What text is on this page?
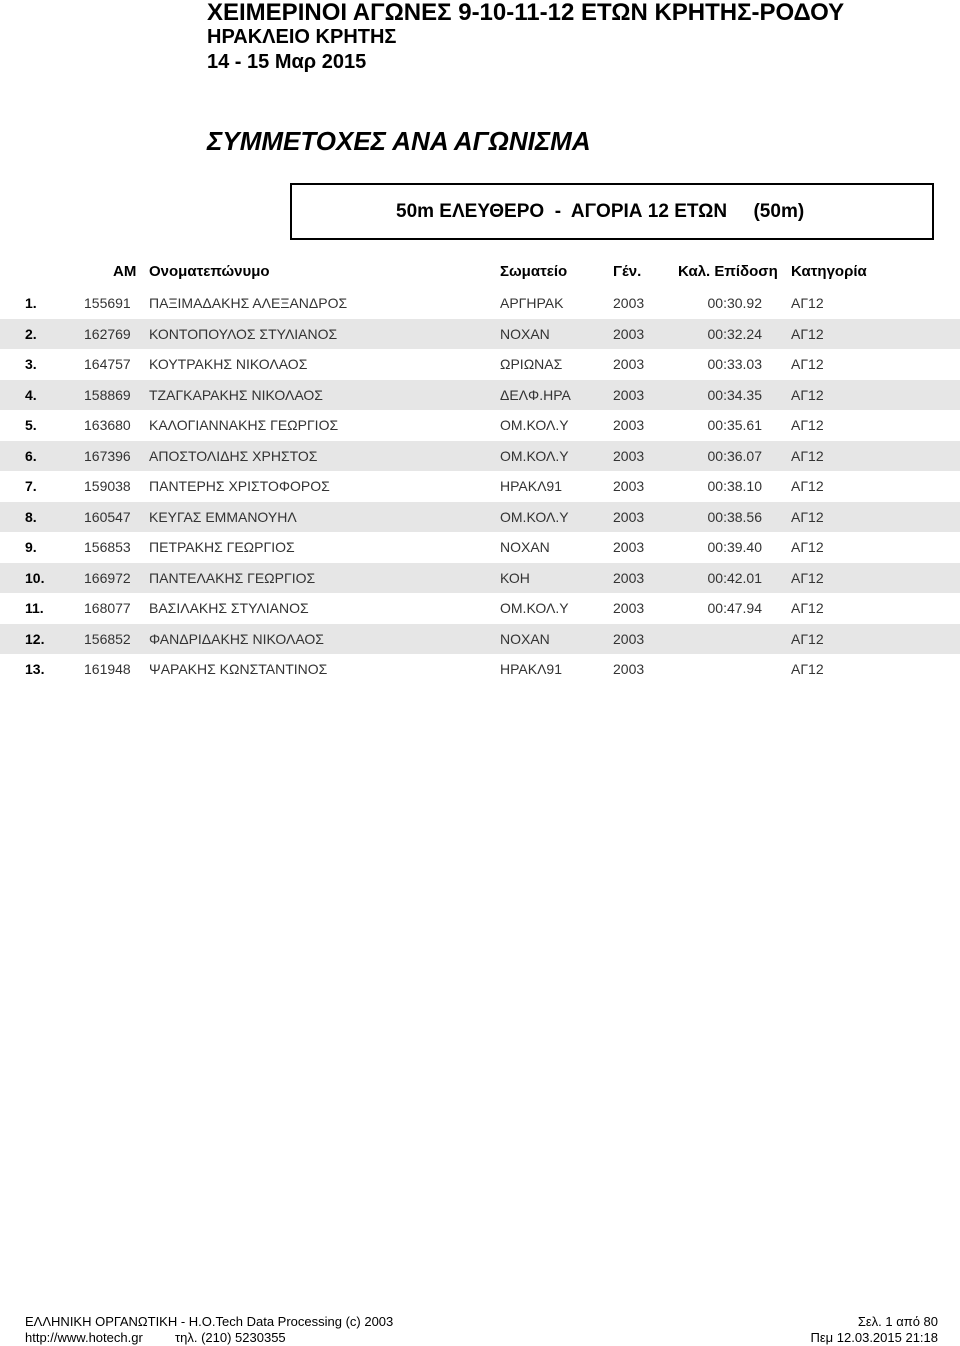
ΧΕΙΜΕΡΙΝΟΙ ΑΓΩΝΕΣ 9-10-11-12 ΕΤΩΝ ΚΡΗΤΗΣ-ΡΟΔΟΥ
ΗΡΑΚΛΕΙΟ ΚΡΗΤΗΣ
14 - 15 Μαρ 2015
ΣΥΜΜΕΤΟΧΕΣ ΑΝΑ ΑΓΩΝΙΣΜΑ
50m ΕΛΕΥΘΕΡΟ  -  ΑΓΟΡΙΑ 12 ΕΤΩΝ     (50m)
ΑΜ Ονοματεπώνυμο	Σωματείο	Γέν. Καλ. Επίδοση Κατηγορία
1.	155691 ΠΑΞΙΜΑΔΑΚΗΣ ΑΛΕΞΑΝΔΡΟΣ	ΑΡΓΗΡΑΚ	2003	00:30.92 ΑΓ12
2.	162769 ΚΟΝΤΟΠΟΥΛΟΣ ΣΤΥΛΙΑΝΟΣ	ΝΟΧΑΝ	2003	00:32.24 ΑΓ12
3.	164757 ΚΟΥΤΡΑΚΗΣ ΝΙΚΟΛΑΟΣ	ΩΡΙΩΝΑΣ	2003	00:33.03 ΑΓ12
4.	158869 ΤΖΑΓΚΑΡΑΚΗΣ ΝΙΚΟΛΑΟΣ	ΔΕΛΦ.ΗΡΑ	2003	00:34.35 ΑΓ12
5.	163680 ΚΑΛΟΓΙΑΝΝΑΚΗΣ ΓΕΩΡΓΙΟΣ	ΟΜ.ΚΟΛ.Υ	2003	00:35.61 ΑΓ12
6.	167396 ΑΠΟΣΤΟΛΙΔΗΣ ΧΡΗΣΤΟΣ	ΟΜ.ΚΟΛ.Υ	2003	00:36.07 ΑΓ12
7.	159038 ΠΑΝΤΕΡΗΣ ΧΡΙΣΤΟΦΟΡΟΣ	ΗΡΑΚΛ91	2003	00:38.10 ΑΓ12
8.	160547 ΚΕΥΓΑΣ ΕΜΜΑΝΟΥΗΛ	ΟΜ.ΚΟΛ.Υ	2003	00:38.56 ΑΓ12
9.	156853 ΠΕΤΡΑΚΗΣ ΓΕΩΡΓΙΟΣ	ΝΟΧΑΝ	2003	00:39.40 ΑΓ12
10.	166972 ΠΑΝΤΕΛΑΚΗΣ ΓΕΩΡΓΙΟΣ	ΚΟΗ	2003	00:42.01 ΑΓ12
11.	168077 ΒΑΣΙΛΑΚΗΣ ΣΤΥΛΙΑΝΟΣ	ΟΜ.ΚΟΛ.Υ	2003	00:47.94 ΑΓ12
12.	156852 ΦΑΝΔΡΙΔΑΚΗΣ ΝΙΚΟΛΑΟΣ	ΝΟΧΑΝ	2003	ΑΓ12
13.	161948 ΨΑΡΑΚΗΣ ΚΩΝΣΤΑΝΤΙΝΟΣ	ΗΡΑΚΛ91	2003	ΑΓ12
ΕΛΛΗΝΙΚΗ ΟΡΓΑΝΩΤΙΚΗ - Η.Ο.Tech Data Processing (c) 2003
http://www.hotech.gr τηλ. (210) 5230355
Σελ. 1 από 80
Πεμ 12.03.2015 21:18
